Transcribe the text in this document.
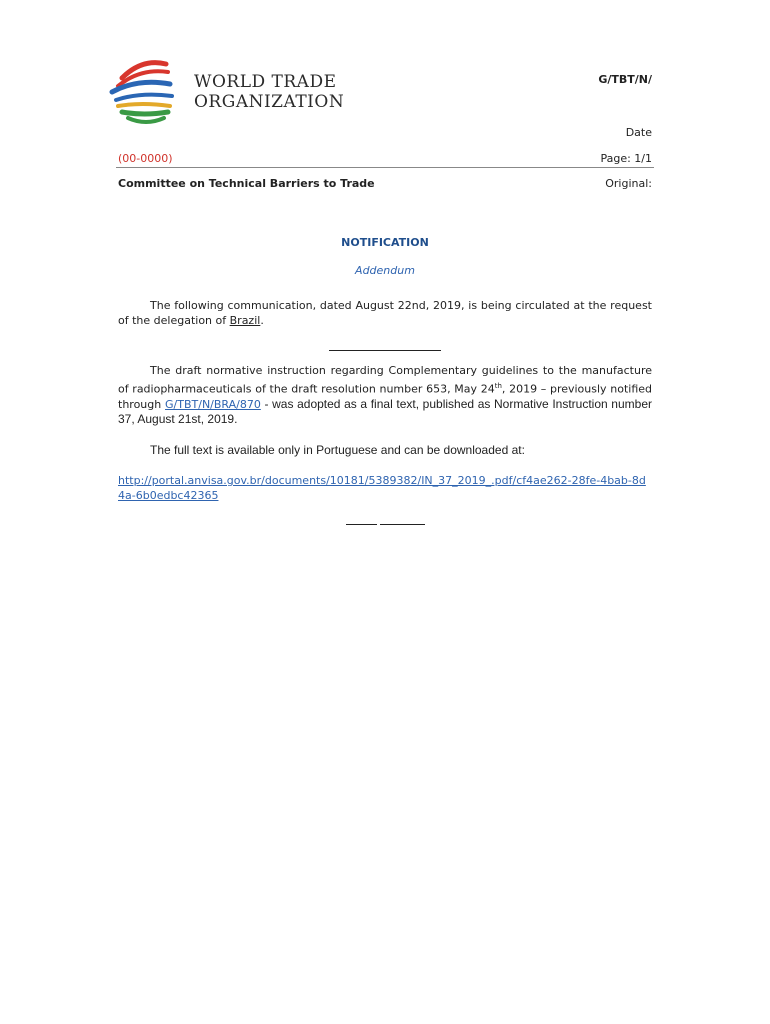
WORLD TRADE
ORGANIZATION
G/TBT/N/
Date
(00-0000)	Page: 1/1
Committee on Technical Barriers to Trade	Original:
NOTIFICATION
Addendum
The following communication, dated August 22nd, 2019, is being circulated at the request of the delegation of Brazil.
The draft normative instruction regarding Complementary guidelines to the manufacture of radiopharmaceuticals of the draft resolution number 653, May 24th, 2019 – previously notified through G/TBT/N/BRA/870 - was adopted as a final text, published as Normative Instruction number 37, August 21st, 2019.
The full text is available only in Portuguese and can be downloaded at:
http://portal.anvisa.gov.br/documents/10181/5389382/IN_37_2019_.pdf/cf4ae262-28fe-4bab-8d4a-6b0edbc42365
